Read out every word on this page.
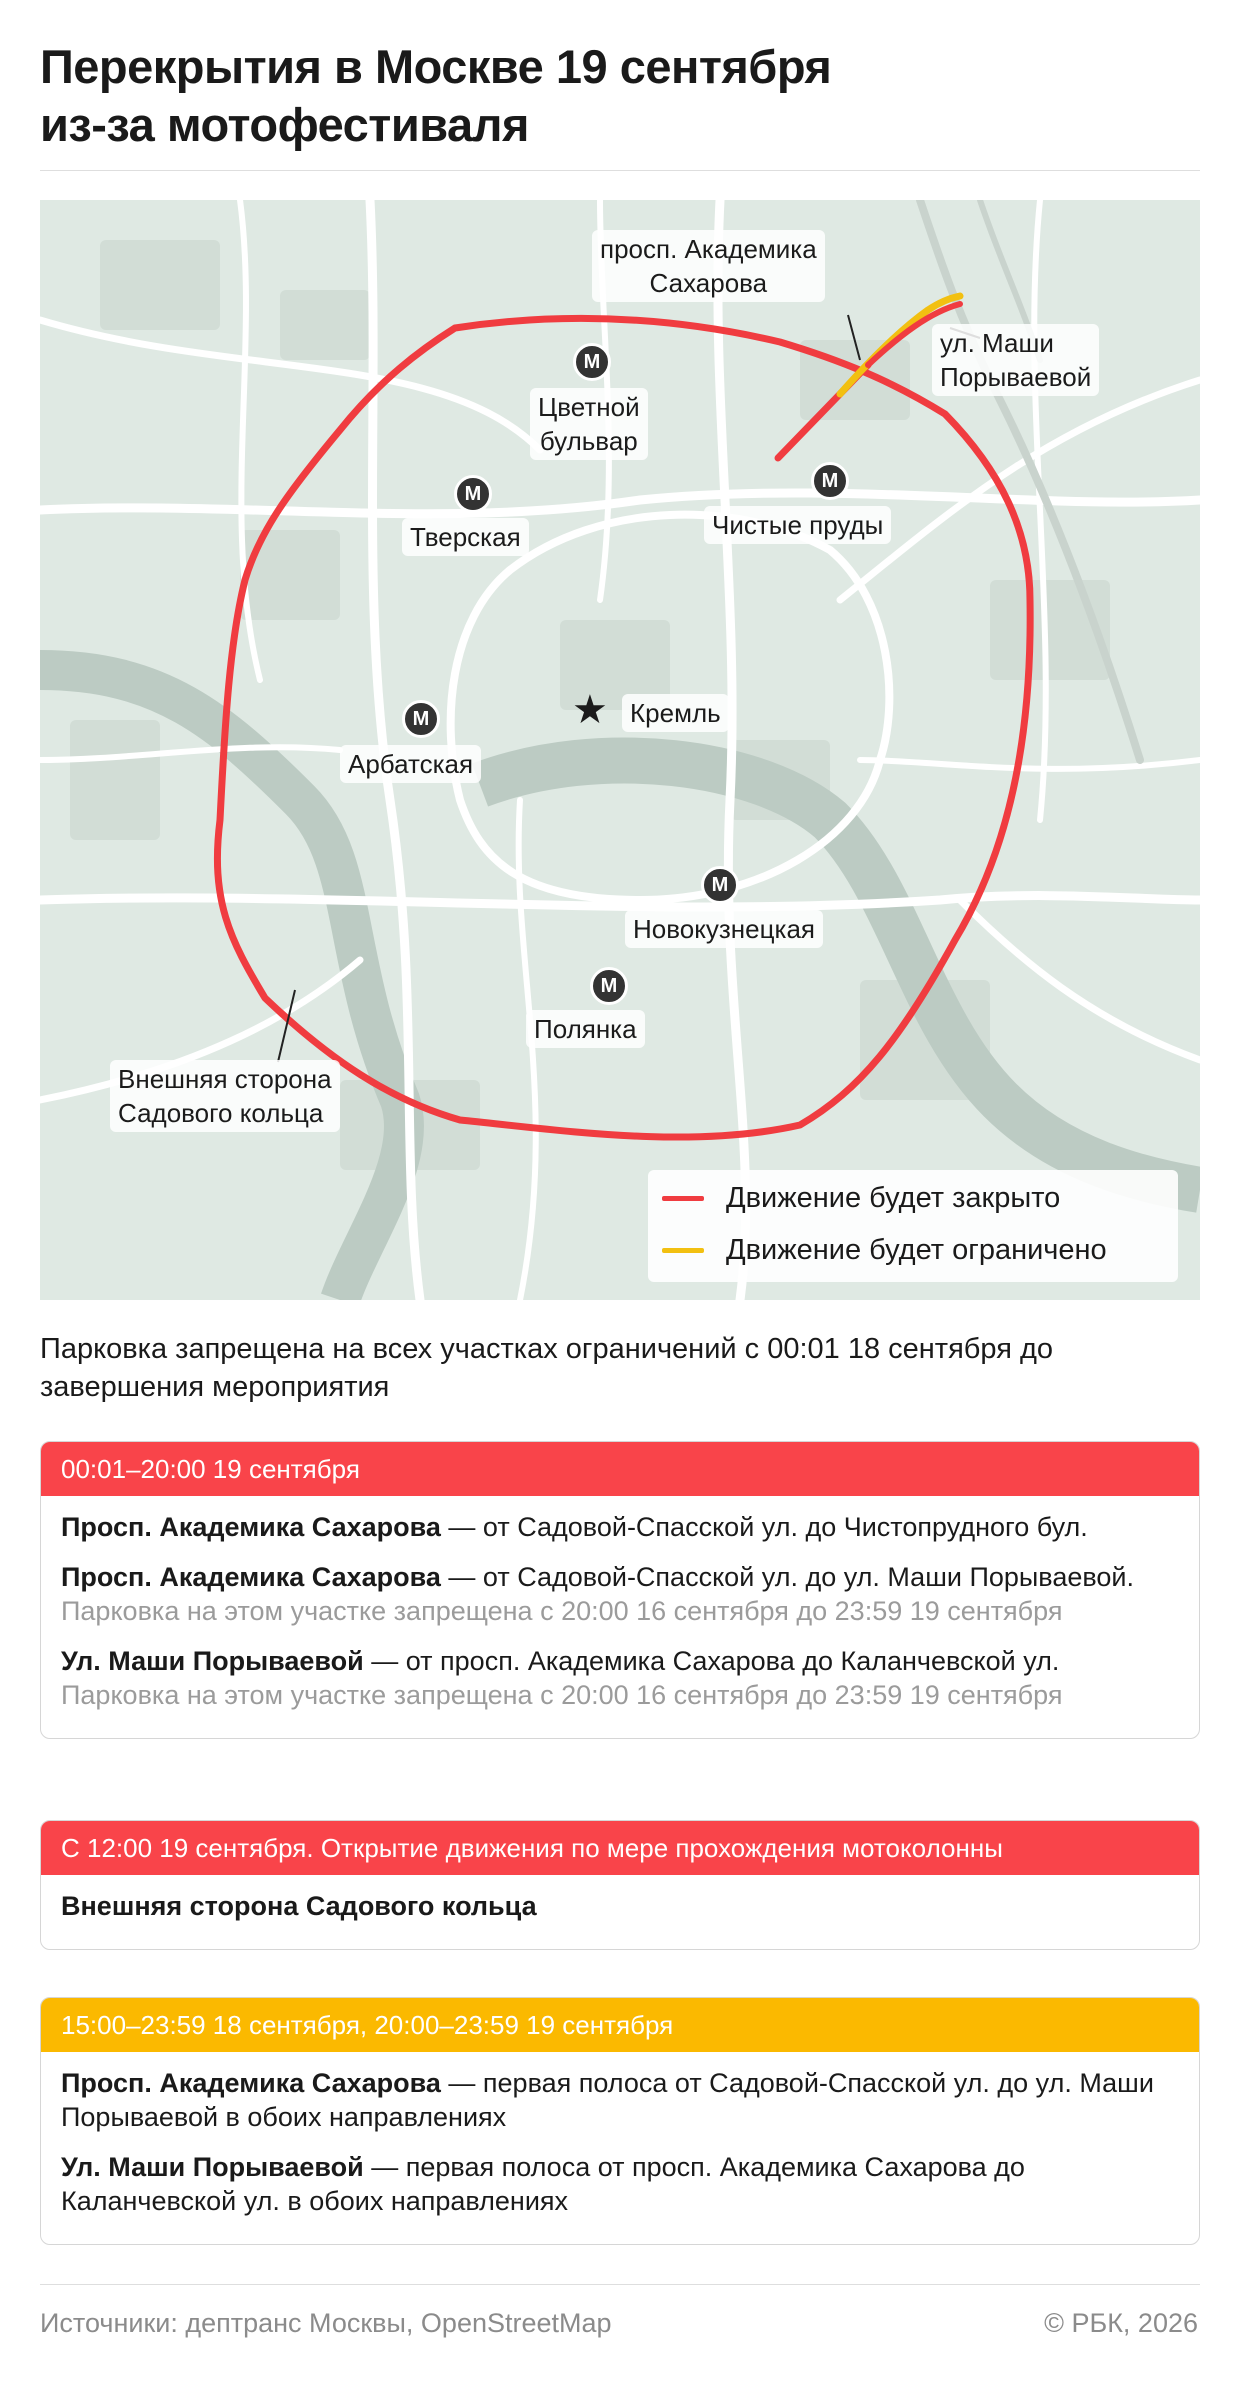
Перекрытия в Москве 19 сентября
из-за мотофестиваля
просп. Академика
Сахарова
ул. Маши
Порываевой
Внешняя сторона
Садового кольца
М
Цветной
бульвар
М
Тверская
М
Чистые пруды
М
Арбатская
★ Кремль
М
Новокузнецкая
М
Полянка
Движение будет закрыто
Движение будет ограничено

Парковка запрещена на всех участках ограничений с 00:01 18 сентября до завершения мероприятия

00:01–20:00 19 сентября

Просп. Академика Сахарова — от Садовой-Спасской ул. до Чистопрудного бул.

Просп. Академика Сахарова — от Садовой-Спасской ул. до ул. Маши Порываевой.
Парковка на этом участке запрещена с 20:00 16 сентября до 23:59 19 сентября

Ул. Маши Порываевой — от просп. Академика Сахарова до Каланчевской ул.
Парковка на этом участке запрещена с 20:00 16 сентября до 23:59 19 сентября

С 12:00 19 сентября. Открытие движения по мере прохождения мотоколонны

Внешняя сторона Садового кольца

15:00–23:59 18 сентября, 20:00–23:59 19 сентября

Просп. Академика Сахарова — первая полоса от Садовой-Спасской ул. до ул. Маши Порываевой в обоих направлениях

Ул. Маши Порываевой — первая полоса от просп. Академика Сахарова до Каланчевской ул. в обоих направлениях

Источники: дептранс Москвы, OpenStreetMap	© РБК, 2026
